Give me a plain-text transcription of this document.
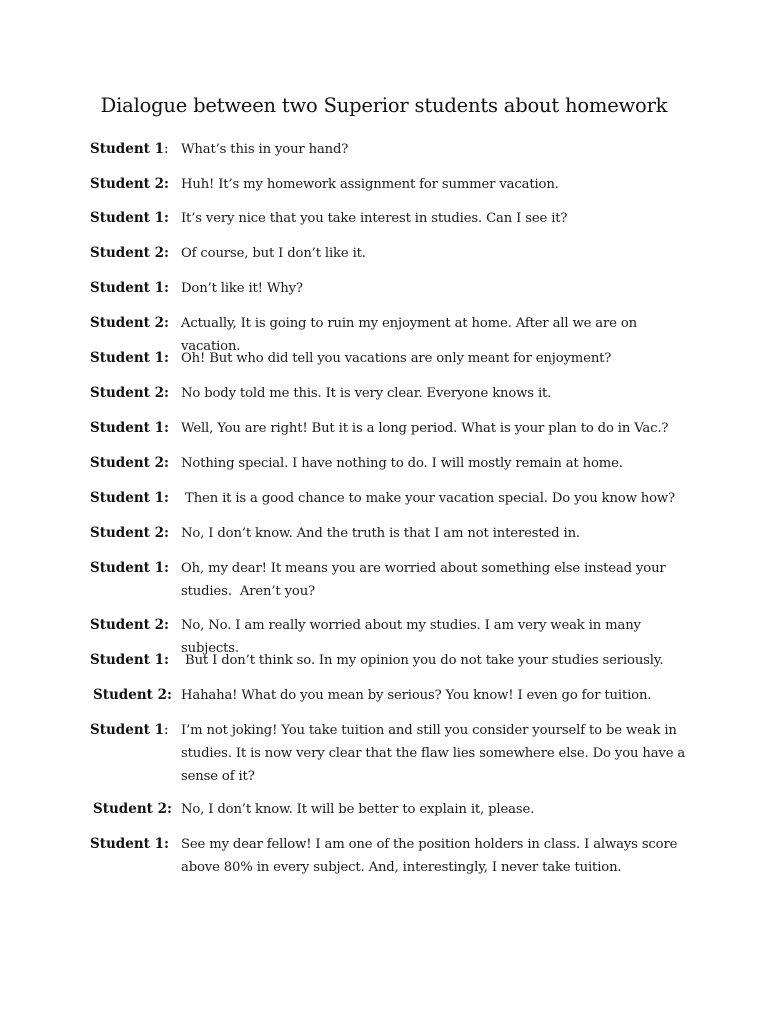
Dialogue between two Superior students about homework
Student 1: What’s this in your hand?
Student 2: Huh! It’s my homework assignment for summer vacation.
Student 1: It’s very nice that you take interest in studies. Can I see it?
Student 2: Of course, but I don’t like it.
Student 1: Don’t like it! Why?
Student 2: Actually, It is going to ruin my enjoyment at home. After all we are on vacation.
Student 1: Oh! But who did tell you vacations are only meant for enjoyment?
Student 2: No body told me this. It is very clear. Everyone knows it.
Student 1: Well, You are right! But it is a long period. What is your plan to do in Vac.?
Student 2: Nothing special. I have nothing to do. I will mostly remain at home.
Student 1: Then it is a good chance to make your vacation special. Do you know how?
Student 2: No, I don’t know. And the truth is that I am not interested in.
Student 1: Oh, my dear! It means you are worried about something else instead your
studies.  Aren’t you?
Student 2: No, No. I am really worried about my studies. I am very weak in many subjects.
Student 1: But I don’t think so. In my opinion you do not take your studies seriously.
Student 2: Hahaha! What do you mean by serious? You know! I even go for tuition.
Student 1: I’m not joking! You take tuition and still you consider yourself to be weak in
studies. It is now very clear that the flaw lies somewhere else. Do you have a
sense of it?
Student 2: No, I don’t know. It will be better to explain it, please.
Student 1: See my dear fellow! I am one of the position holders in class. I always score
above 80% in every subject. And, interestingly, I never take tuition.
